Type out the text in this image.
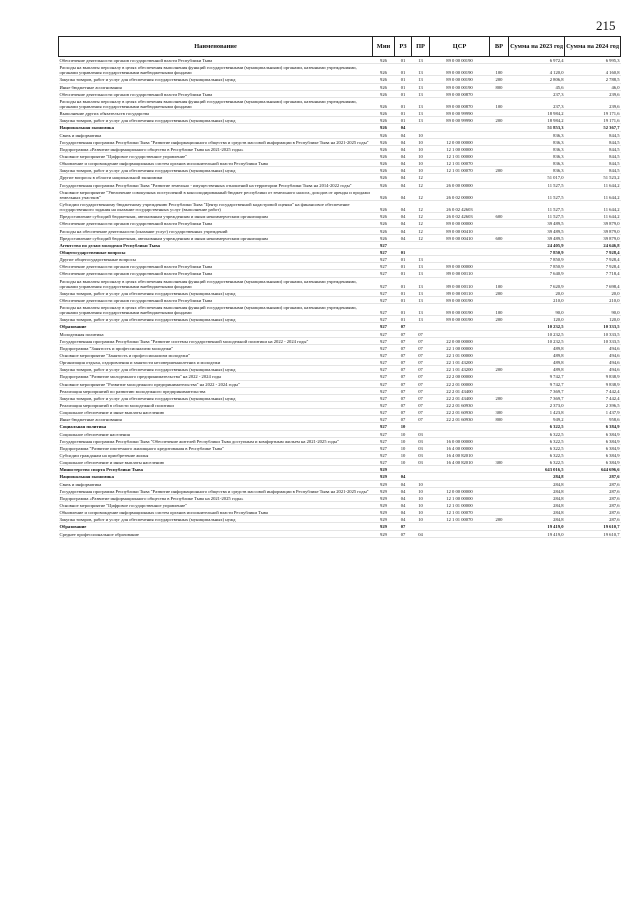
215
Наименование	Мин	РЗ	ПР	ЦСР	ВР	Сумма на 2023 год	Сумма на 2024 год
Обеспечение деятельности органов государственной власти Республики Тыва	926	01	13	89 0 00 00190		6 972,4	6 995,3
Расходы на выплаты персоналу в целях обеспечения выполнения функций государственными (муниципальными) органами, казенными учреждениями, органами управления государственными внебюджетными фондами	926	01	13	89 0 00 00190	100	4 120,0	4 160,8
Закупка товаров, работ и услуг для обеспечения государственных (муниципальных) нужд	926	01	13	89 0 00 00190	200	2 806,8	2 788,5
Иные бюджетные ассигнования	926	01	13	89 0 00 00190	800	45,6	46,0
Обеспечение деятельности органов государственной власти Республики Тыва	926	01	13	89 0 00 00870		237,3	239,6
Расходы на выплаты персоналу в целях обеспечения выполнения функций государственными (муниципальными) органами, казенными учреждениями, органами управления государственными внебюджетными фондами	926	01	13	89 0 00 00870	100	237,3	239,6
Выполнение других обязательств государства	926	01	13	89 0 00 99990		18 984,2	19 171,6
Закупка товаров, работ и услуг для обеспечения государственных (муниципальных) нужд	926	01	13	89 0 00 99990	200	18 984,2	19 171,6
Национальная экономика	926	04				51 853,3	52 367,7
Связь и информатика	926	04	10			836,3	844,5
Государственная программа Республики Тыва "Развитие информационного общества и средств массовой информации в Республике Тыва на 2021-2025 годы"	926	04	10	12 0 00 00000		836,3	844,5
Подпрограмма «Развитие информационного общества в Республике Тыва на 2021-2025 годы»	926	04	10	12 1 00 00000		836,3	844,5
Основное мероприятие "Цифровое государственное управление"	926	04	10	12 1 01 00000		836,3	844,5
Обновление и сопровождение информационных систем органов исполнительной власти Республики Тыва	926	04	10	12 1 01 00070		836,3	844,5
Закупка товаров, работ и услуг для обеспечения государственных (муниципальных) нужд	926	04	10	12 1 01 00070	200	836,3	844,5
Другие вопросы в области национальной экономики	926	04	12			51 017,0	51 523,2
Государственная программа Республики Тыва "Развитие земельно - имущественных отношений на территории Республики Тыва на 2014-2022 годы"	926	04	12	26 0 00 00000		11 527,5	11 644,2
Основное мероприятие "Увеличение совокупных поступлений в консолидированный бюджет республики от земельного налога, доходов от аренды и продажи земельных участков"	926	04	12	26 0 02 00000		11 527,5	11 644,2
Субсидии государственному бюджетному учреждению Республики Тыва "Центр государственной кадастровой оценки" на финансовое обеспечение государственного задания на оказание государственных услуг (выполнение работ)	926	04	12	26 0 02 42603		11 527,5	11 644,2
Предоставление субсидий бюджетным, автономным учреждениям и иным некоммерческим организациям	926	04	12	26 0 02 42603	600	11 527,5	11 644,2
Обеспечение деятельности органов государственной власти Республики Тыва	926	04	12	89 0 00 00000		39 489,5	39 879,0
Расходы на обеспечение деятельности (оказание услуг) государственных учреждений	926	04	12	89 0 00 00410		39 489,5	39 879,0
Предоставление субсидий бюджетным, автономным учреждениям и иным некоммерческим организациям	926	04	12	89 0 00 00410	600	39 489,5	39 879,0
Агентство по делам молодежи Республики Тыва	927					24 405,9	24 646,8
Общегосударственные вопросы	927	01				7 850,9	7 928,4
Другие общегосударственные вопросы	927	01	13			7 850,9	7 928,4
Обеспечение деятельности органов государственной власти Республики Тыва	927	01	13	89 0 00 00000		7 850,9	7 928,4
Обеспечение деятельности органов государственной власти Республики Тыва	927	01	13	89 0 00 00110		7 640,9	7 718,4
Расходы на выплаты персоналу в целях обеспечения выполнения функций государственными (муниципальными) органами, казенными учреждениями, органами управления государственными внебюджетными фондами	927	01	13	89 0 00 00110	100	7 620,9	7 698,4
Закупка товаров, работ и услуг для обеспечения государственных (муниципальных) нужд	927	01	13	89 0 00 00110	200	20,0	20,0
Обеспечение деятельности органов государственной власти Республики Тыва	927	01	13	89 0 00 00190		210,0	210,0
Расходы на выплаты персоналу в целях обеспечения выполнения функций государственными (муниципальными) органами, казенными учреждениями, органами управления государственными внебюджетными фондами	927	01	13	89 0 00 00190	100	90,0	90,0
Закупка товаров, работ и услуг для обеспечения государственных (муниципальных) нужд	927	01	13	89 0 00 00190	200	120,0	120,0
Образование	927	07				10 232,5	10 333,5
Молодежная политика	927	07	07			10 232,5	10 333,5
Государственная программа Республики Тыва "Развитие системы государственной молодежной политики на 2022 - 2024 годы"	927	07	07	22 0 00 00000		10 232,5	10 333,5
Подпрограмма "Занятость и профессионализм молодежи"	927	07	07	22 1 00 00000		489,8	494,6
Основное мероприятие "Занятость и профессионализм молодежи"	927	07	07	22 1 01 00000		489,8	494,6
Организация отдыха, оздоровления и занятости несовершеннолетних и молодежи	927	07	07	22 1 01 43200		489,8	494,6
Закупка товаров, работ и услуг для обеспечения государственных (муниципальных) нужд	927	07	07	22 1 01 43200	200	489,8	494,6
Подпрограмма "Развитие молодежного предпринимательства" на 2022 - 2024 годы	927	07	07	22 2 00 00000		9 742,7	9 838,9
Основное мероприятие "Развитие молодежного предпринимательства" на 2022 - 2024 годы"	927	07	07	22 2 01 00000		9 742,7	9 838,9
Реализация мероприятий по развитию молодежного предпринимательства	927	07	07	22 2 01 43400		7 369,7	7 442,4
Закупка товаров, работ и услуг для обеспечения государственных (муниципальных) нужд	927	07	07	22 2 01 43400	200	7 369,7	7 442,4
Реализация мероприятий в области молодежной политики	927	07	07	22 2 01 60930		2 373,0	2 396,5
Социальное обеспечение и иные выплаты населению	927	07	07	22 2 01 60930	300	1 423,8	1 437,9
Иные бюджетные ассигнования	927	07	07	22 2 01 60930	800	949,2	958,6
Социальная политика	927	10				6 322,5	6 384,9
Социальное обеспечение населения	927	10	03			6 322,5	6 384,9
Государственная программа Республики Тыва "Обеспечение жителей Республики Тыва доступным и комфортным жильем на 2021-2025 годы"	927	10	03	16 0 00 00000		6 322,5	6 384,9
Подпрограмма "Развитие ипотечного жилищного кредитования в Республике Тыва"	927	10	03	16 4 00 00000		6 322,5	6 384,9
Субсидии гражданам на приобретение жилья	927	10	03	16 4 00 82010		6 322,5	6 384,9
Социальное обеспечение и иные выплаты населению	927	10	03	16 4 00 82010	300	6 322,5	6 384,9
Министерство спорта Республики Тыва	929					643 016,5	644 696,6
Национальная экономика	929	04				284,8	287,6
Связь и информатика	929	04	10			284,8	287,6
Государственная программа Республики Тыва "Развитие информационного общества и средств массовой информации в Республике Тыва на 2021-2025 годы"	929	04	10	12 0 00 00000		284,8	287,6
Подпрограмма «Развитие информационного общества в Республике Тыва на 2021-2025 годы»	929	04	10	12 1 00 00000		284,8	287,6
Основное мероприятие "Цифровое государственное управление"	929	04	10	12 1 01 00000		284,8	287,6
Обновление и сопровождение информационных систем органов исполнительной власти Республики Тыва	929	04	10	12 1 01 00070		284,8	287,6
Закупка товаров, работ и услуг для обеспечения государственных (муниципальных) нужд	929	04	10	12 1 01 00070	200	284,8	287,6
Образование	929	07				19 419,0	19 610,7
Среднее профессиональное образование	929	07	04			19 419,0	19 610,7
